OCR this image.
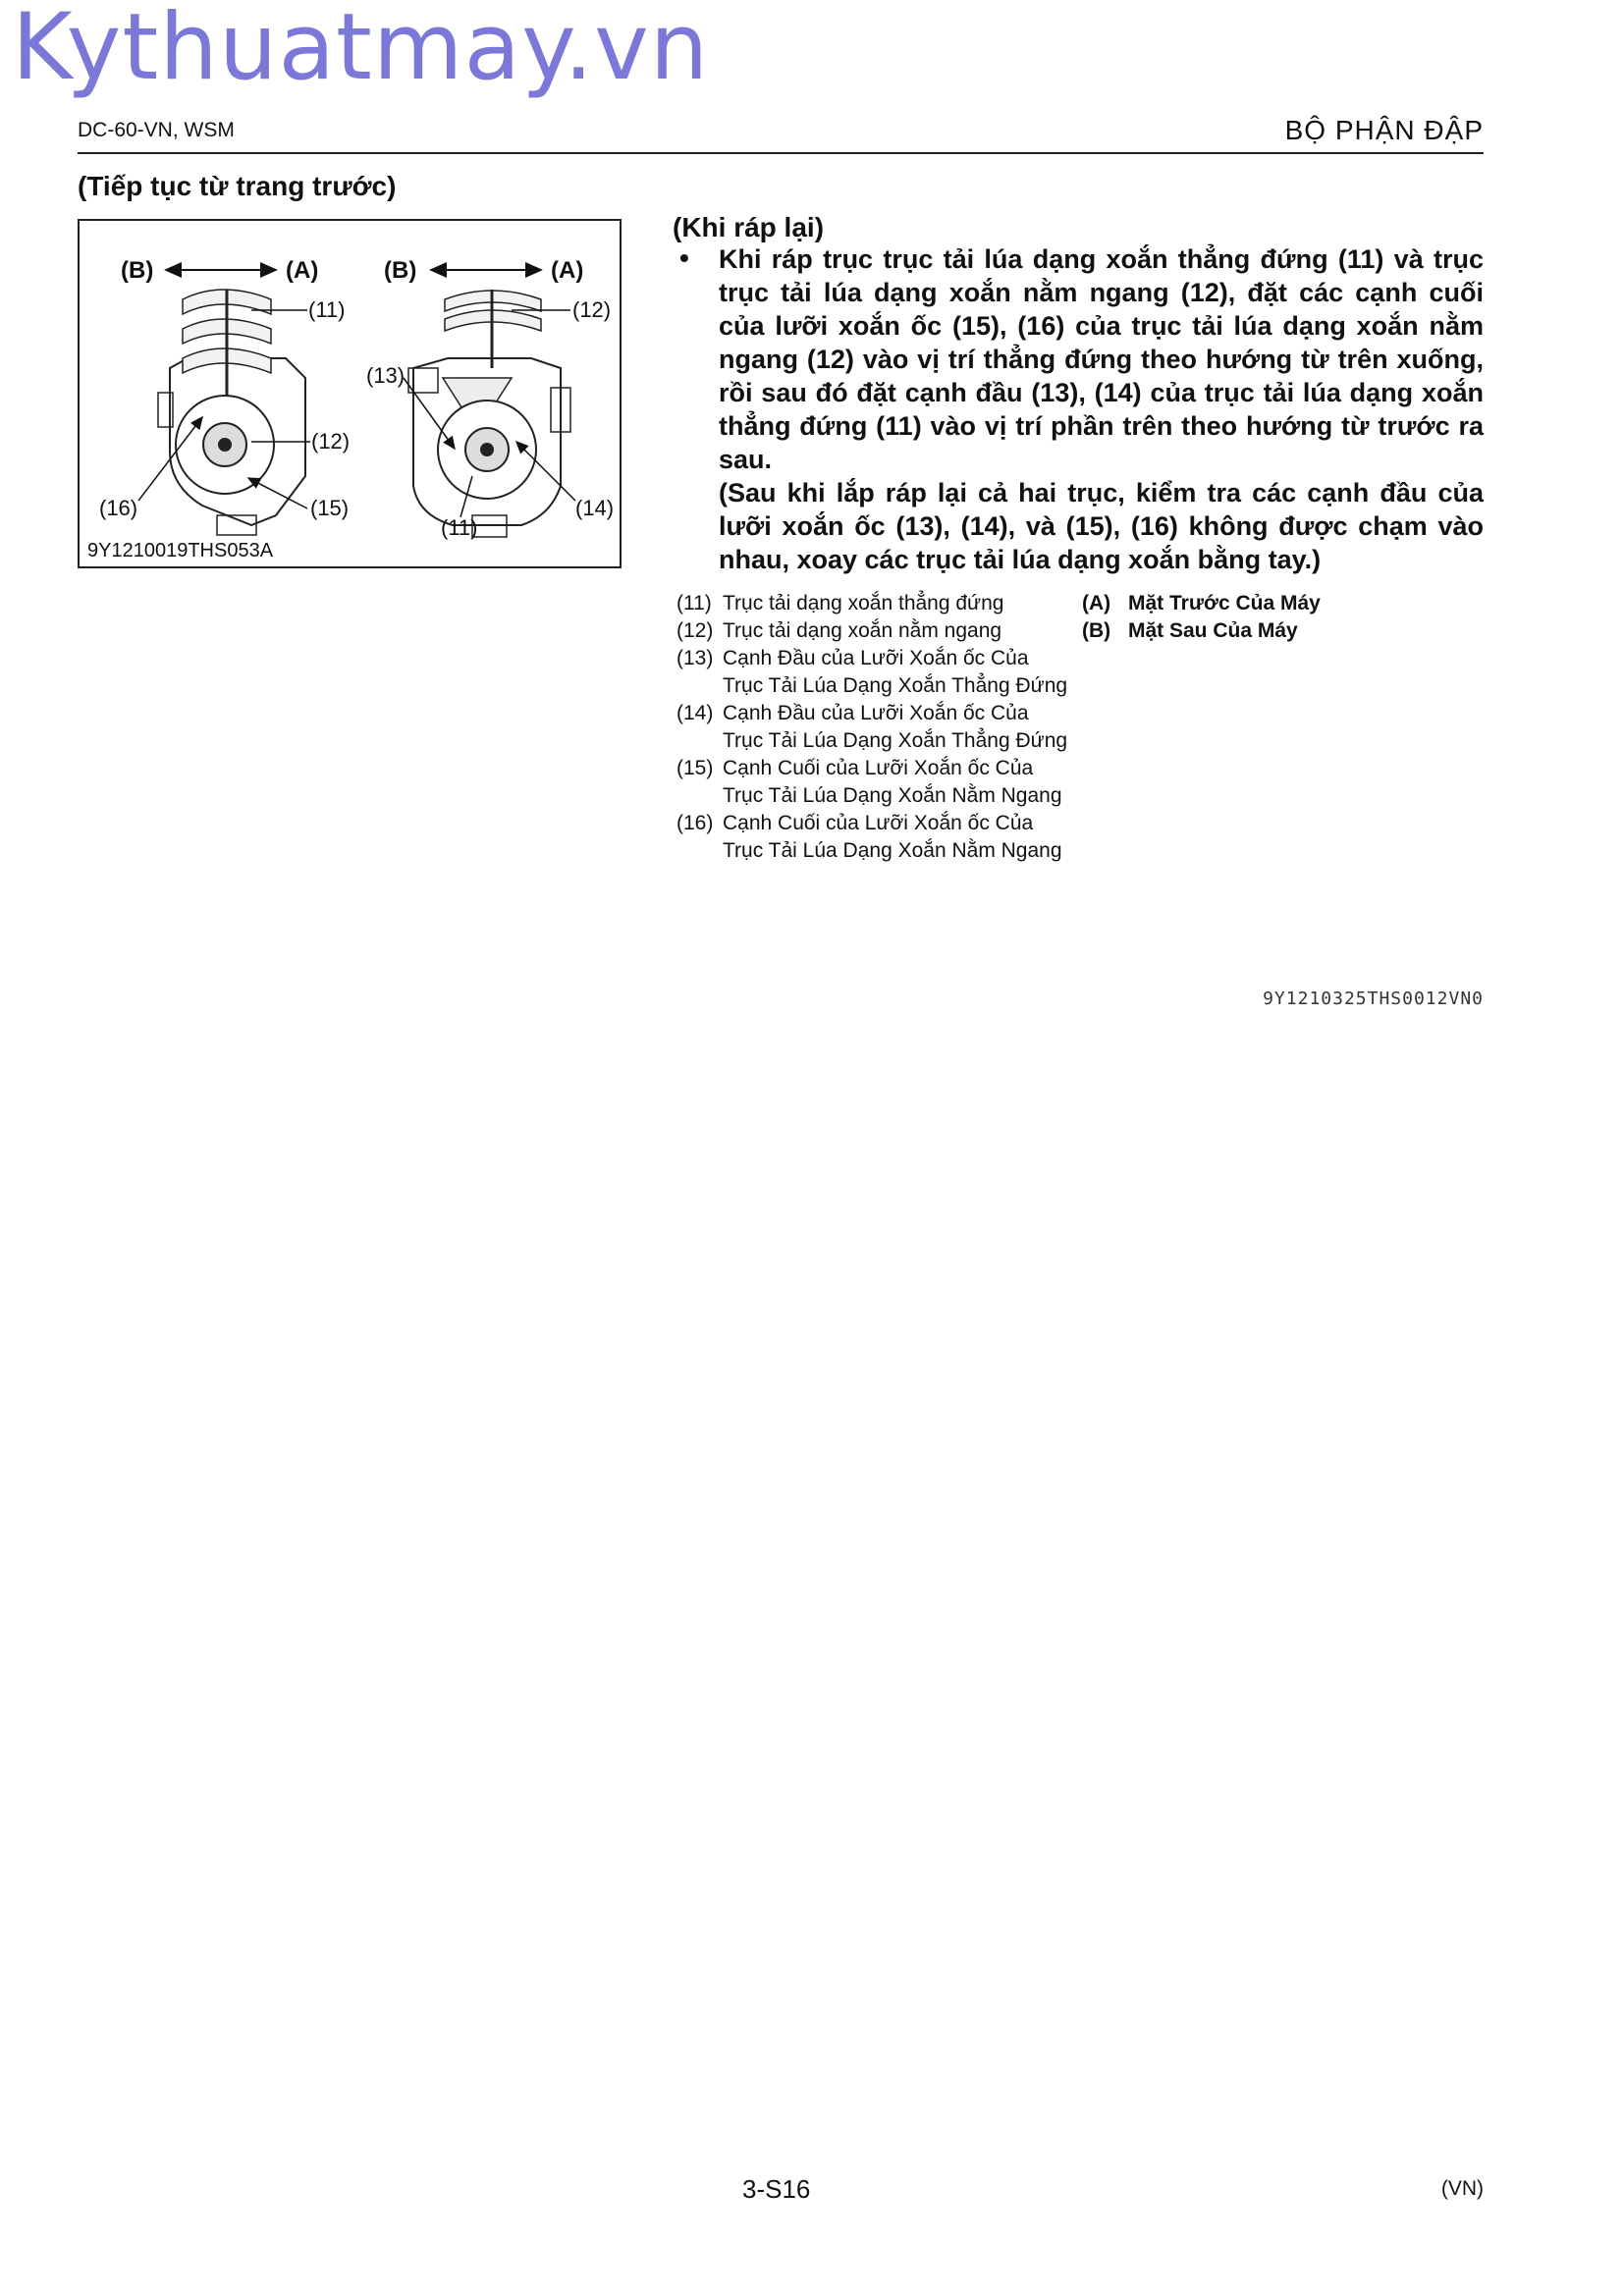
Kythuatmay.vn
DC-60-VN, WSM	BỘ PHẬN ĐẬP
(Tiếp tục từ trang trước)
(B)	(A)
(11)
(12)
(15)
(16)
(B)	(A)
(12)
(13)
(14)
(11)
9Y1210019THS053A
(Khi ráp lại)
• Khi ráp trục trục tải lúa dạng xoắn thẳng đứng (11) và trục trục tải lúa dạng xoắn nằm ngang (12), đặt các cạnh cuối của lưỡi xoắn ốc (15), (16) của trục tải lúa dạng xoắn nằm ngang (12) vào vị trí thẳng đứng theo hướng từ trên xuống, rồi sau đó đặt cạnh đầu (13), (14) của trục tải lúa dạng xoắn thẳng đứng (11) vào vị trí phần trên theo hướng từ trước ra sau.
(Sau khi lắp ráp lại cả hai trục, kiểm tra các cạnh đầu của lưỡi xoắn ốc (13), (14), và (15), (16) không được chạm vào nhau, xoay các trục tải lúa dạng xoắn bằng tay.)
(11) Trục tải dạng xoắn thẳng đứng
(12) Trục tải dạng xoắn nằm ngang
(13) Cạnh Đầu của Lưỡi Xoắn ốc Của Trục Tải Lúa Dạng Xoắn Thẳng Đứng
(14) Cạnh Đầu của Lưỡi Xoắn ốc Của Trục Tải Lúa Dạng Xoắn Thẳng Đứng
(15) Cạnh Cuối của Lưỡi Xoắn ốc Của Trục Tải Lúa Dạng Xoắn Nằm Ngang
(16) Cạnh Cuối của Lưỡi Xoắn ốc Của Trục Tải Lúa Dạng Xoắn Nằm Ngang
(A) Mặt Trước Của Máy
(B) Mặt Sau Của Máy
9Y1210325THS0012VN0
3-S16	(VN)
